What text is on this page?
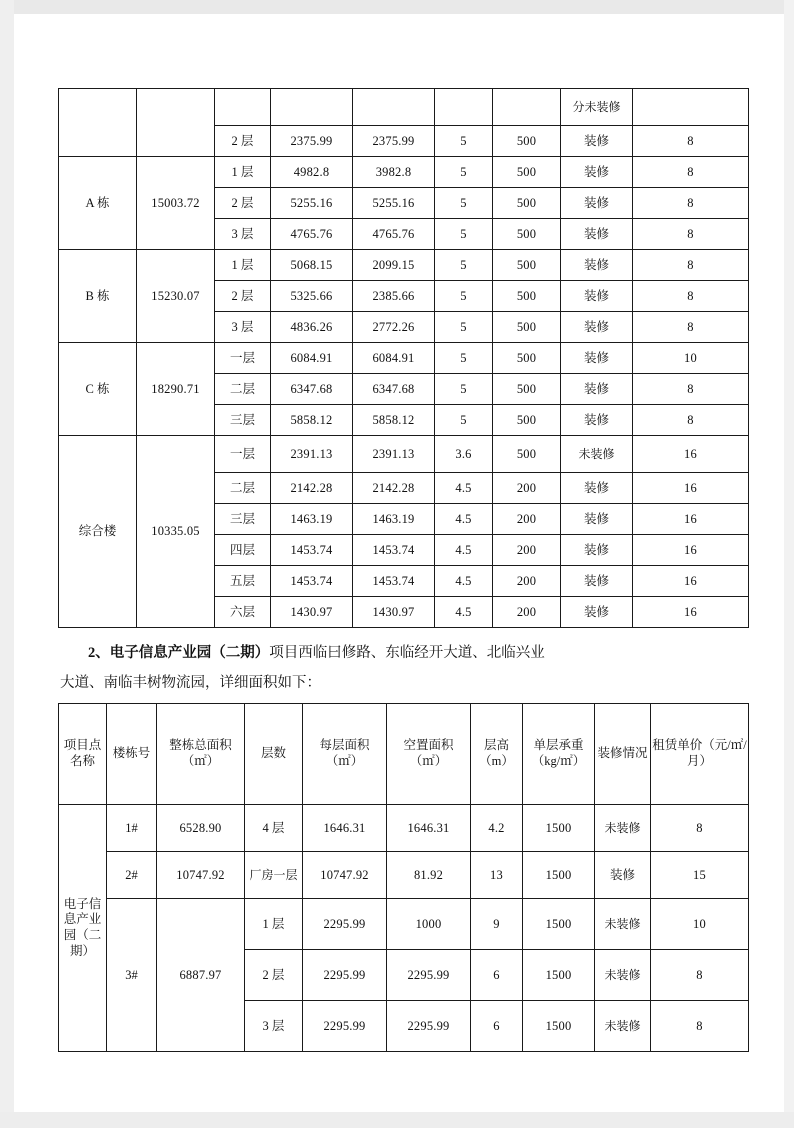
							分未装修	
		2 层	2375.99	2375.99	5	500	装修	8
A 栋	15003.72	1 层	4982.8	3982.8	5	500	装修	8
		2 层	5255.16	5255.16	5	500	装修	8
		3 层	4765.76	4765.76	5	500	装修	8
B 栋	15230.07	1 层	5068.15	2099.15	5	500	装修	8
		2 层	5325.66	2385.66	5	500	装修	8
		3 层	4836.26	2772.26	5	500	装修	8
C 栋	18290.71	一层	6084.91	6084.91	5	500	装修	10
		二层	6347.68	6347.68	5	500	装修	8
		三层	5858.12	5858.12	5	500	装修	8
综合楼	10335.05	一层	2391.13	2391.13	3.6	500	未装修	16
		二层	2142.28	2142.28	4.5	200	装修	16
		三层	1463.19	1463.19	4.5	200	装修	16
		四层	1453.74	1453.74	4.5	200	装修	16
		五层	1453.74	1453.74	4.5	200	装修	16
		六层	1430.97	1430.97	4.5	200	装修	16
2、电子信息产业园（二期）项目西临曰修路、东临经开大道、北临兴业
大道、南临丰树物流园，详细面积如下：
项目点名称	楼栋号	整栋总面积（㎡）	层数	每层面积（㎡）	空置面积（㎡）	层高（m）	单层承重（kg/㎡）	装修情况	租赁单价（元/㎡/月）
电子信息产业园（二期）	1#	6528.90	4 层	1646.31	1646.31	4.2	1500	未装修	8
	2#	10747.92	厂房一层	10747.92	81.92	13	1500	装修	15
	3#	6887.97	1 层	2295.99	1000	9	1500	未装修	10
			2 层	2295.99	2295.99	6	1500	未装修	8
			3 层	2295.99	2295.99	6	1500	未装修	8
